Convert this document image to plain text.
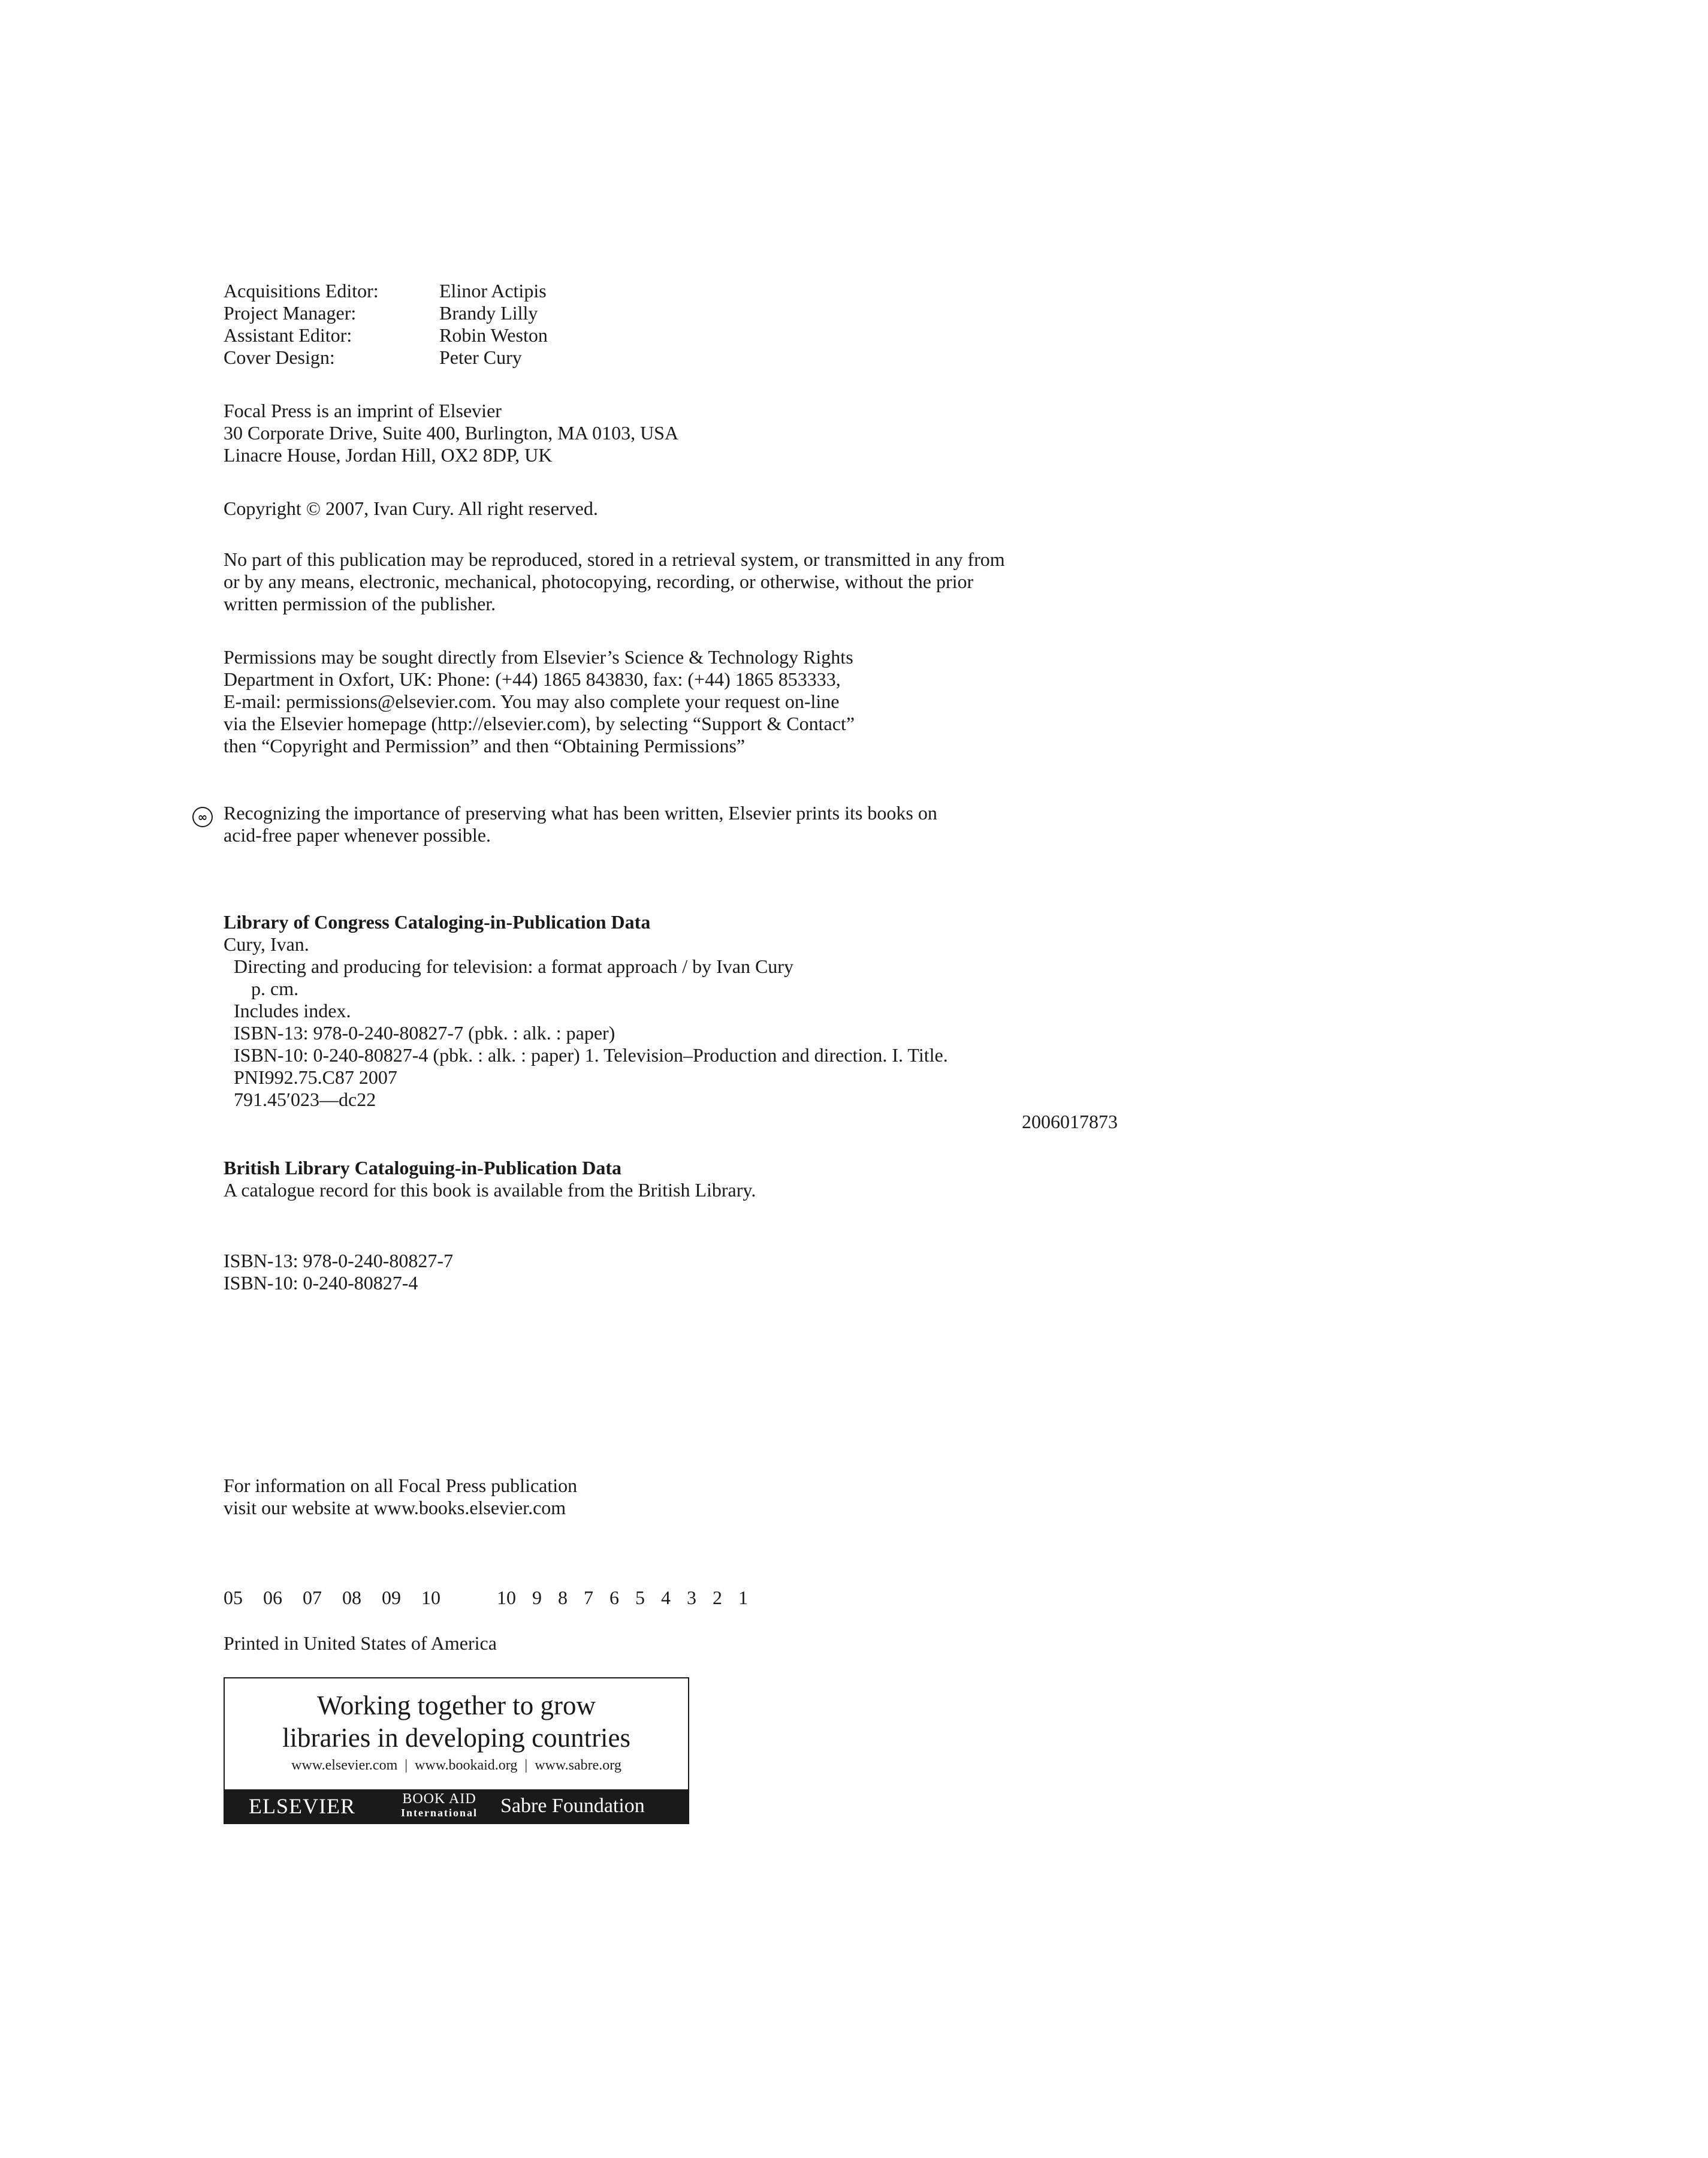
Acquisitions Editor:	Elinor Actipis
Project Manager:	Brandy Lilly
Assistant Editor:	Robin Weston
Cover Design:	Peter Cury
Focal Press is an imprint of Elsevier
30 Corporate Drive, Suite 400, Burlington, MA 0103, USA
Linacre House, Jordan Hill, OX2 8DP, UK
Copyright © 2007, Ivan Cury. All right reserved.
No part of this publication may be reproduced, stored in a retrieval system, or transmitted in any from
or by any means, electronic, mechanical, photocopying, recording, or otherwise, without the prior
written permission of the publisher.
Permissions may be sought directly from Elsevier’s Science & Technology Rights
Department in Oxfort, UK: Phone: (+44) 1865 843830, fax: (+44) 1865 853333,
E-mail: permissions@elsevier.com. You may also complete your request on-line
via the Elsevier homepage (http://elsevier.com), by selecting “Support & Contact”
then “Copyright and Permission” and then “Obtaining Permissions”
∞ Recognizing the importance of preserving what has been written, Elsevier prints its books on
acid-free paper whenever possible.
Library of Congress Cataloging-in-Publication Data
Cury, Ivan.
Directing and producing for television: a format approach / by Ivan Cury
p. cm.
Includes index.
ISBN-13: 978-0-240-80827-7 (pbk. : alk. : paper)
ISBN-10: 0-240-80827-4 (pbk. : alk. : paper) 1. Television–Production and direction. I. Title.
PNI992.75.C87 2007
791.45′023—dc22
2006017873
British Library Cataloguing-in-Publication Data
A catalogue record for this book is available from the British Library.
ISBN-13: 978-0-240-80827-7
ISBN-10: 0-240-80827-4
For information on all Focal Press publication
visit our website at www.books.elsevier.com
05 06 07 08 09 10	10 9 8 7 6 5 4 3 2 1
Printed in United States of America
Working together to grow
libraries in developing countries
www.elsevier.com | www.bookaid.org | www.sabre.org
ELSEVIER	BOOK AID
International	Sabre Foundation
